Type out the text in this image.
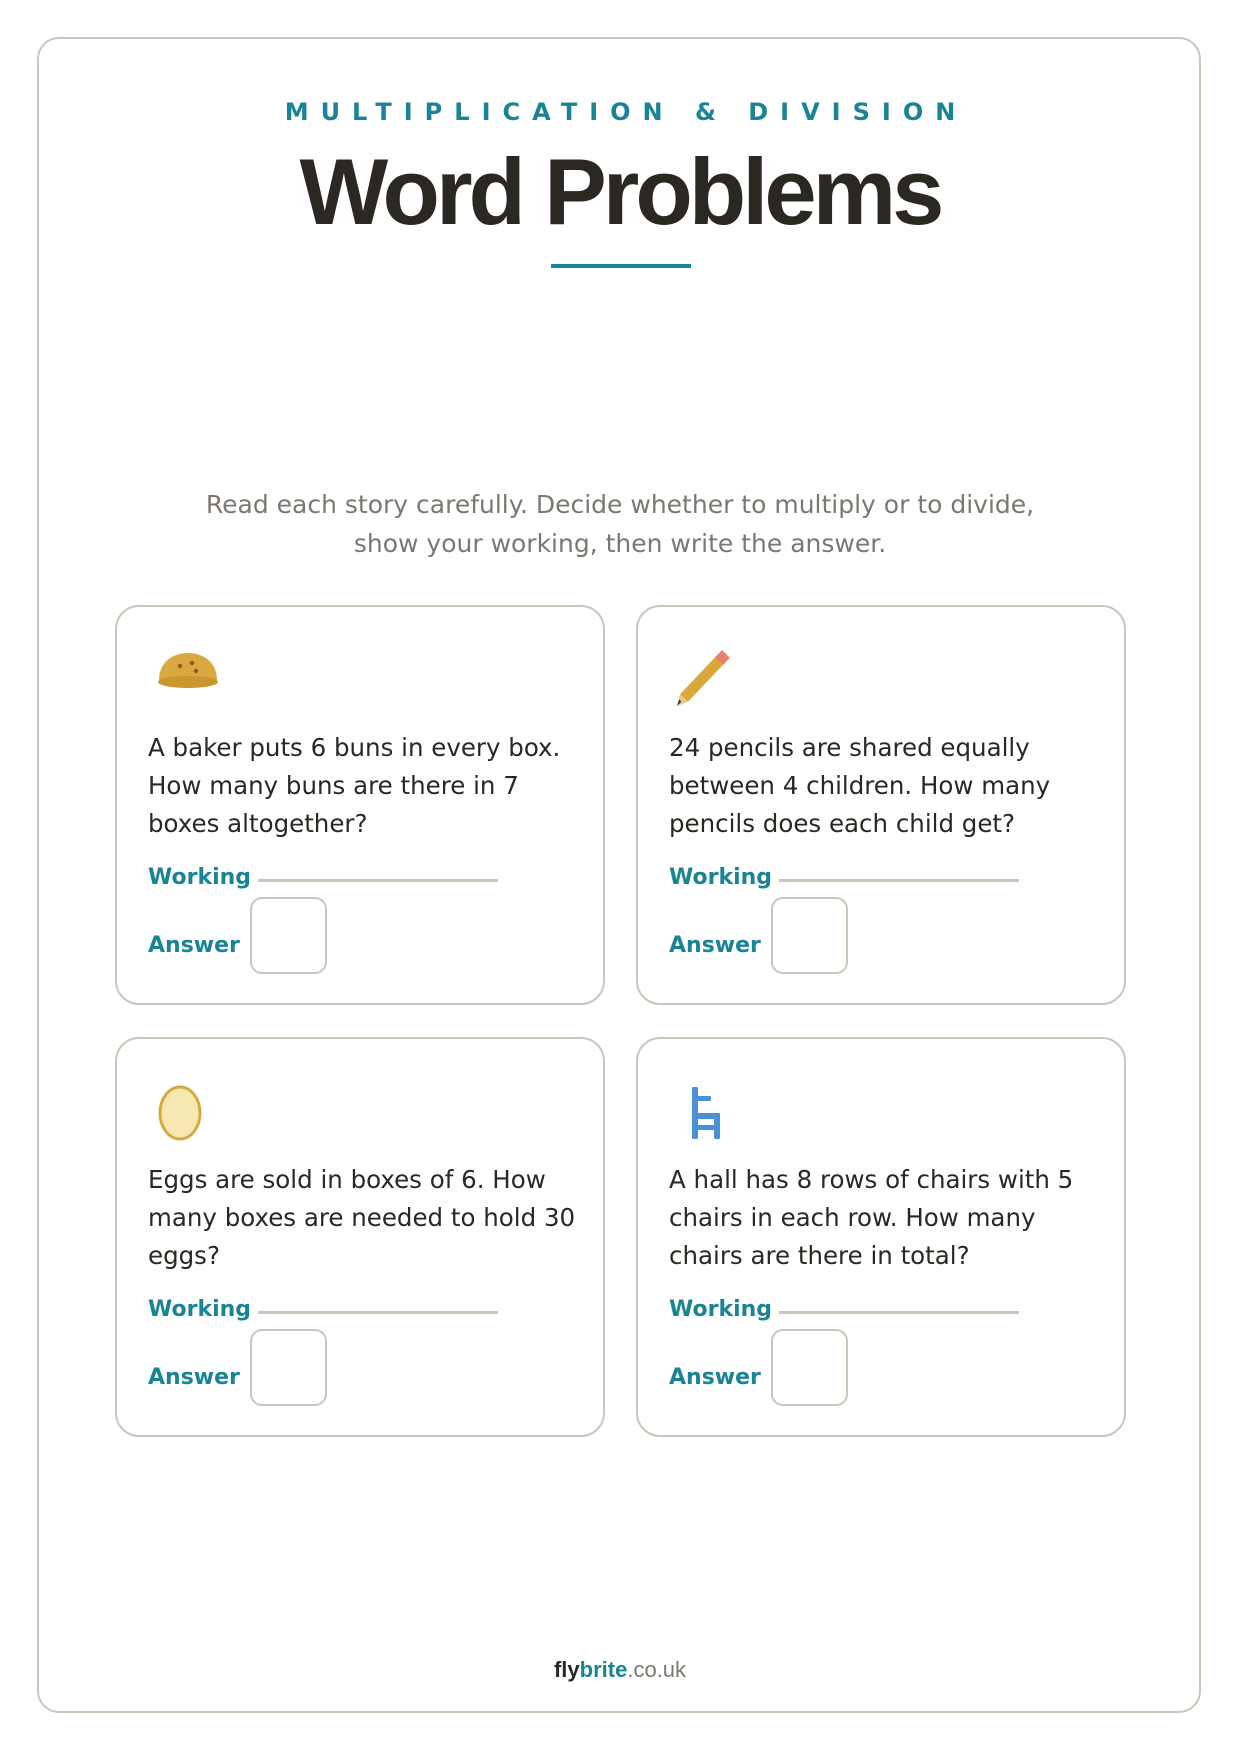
MULTIPLICATION & DIVISION
Word Problems
Read each story carefully. Decide whether to multiply or to divide,
show your working, then write the answer.
A baker puts 6 buns in every box. How many buns are there in 7 boxes altogether?
Working
Answer
24 pencils are shared equally between 4 children. How many pencils does each child get?
Working
Answer
Eggs are sold in boxes of 6. How many boxes are needed to hold 30 eggs?
Working
Answer
A hall has 8 rows of chairs with 5 chairs in each row. How many chairs are there in total?
Working
Answer
flybrite.co.uk
